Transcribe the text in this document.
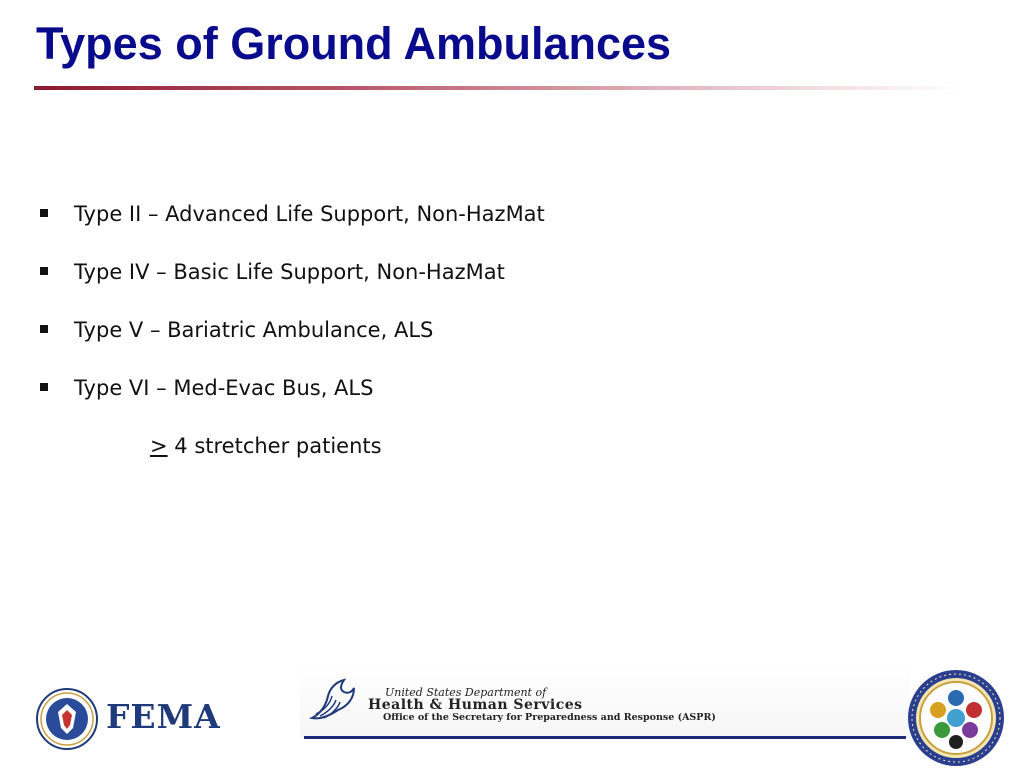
Types of Ground Ambulances
Type II – Advanced Life Support, Non-HazMat
Type IV – Basic Life Support, Non-HazMat
Type V – Bariatric Ambulance, ALS
Type VI – Med-Evac Bus, ALS
≥ 4 stretcher patients
FEMA
United States Department of
Health & Human Services
Office of the Secretary for Preparedness and Response (ASPR)
